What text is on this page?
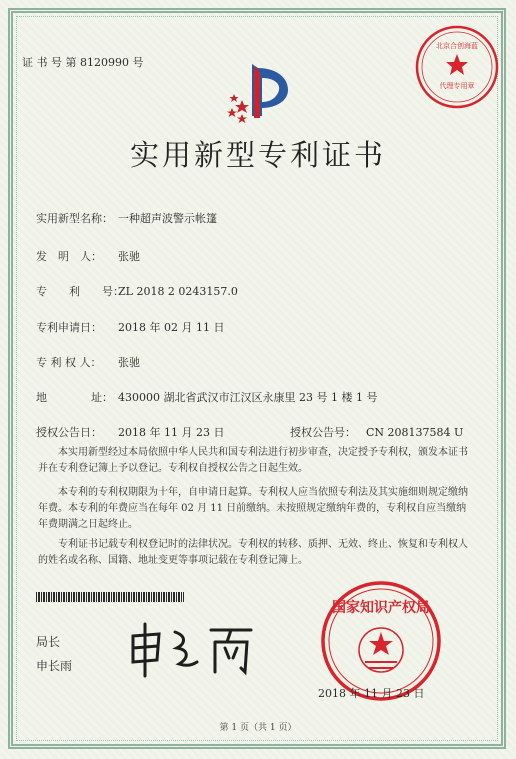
证 书 号 第 8120990 号
北京合创海蓝
代理专用章
实用新型专利证书
实用新型名称： 一种超声波警示帐篷
发　明　人： 张驰
专　　利　　号：
ZL 2018 2 0243157.0
专利申请日： 2018 年 02 月 11 日
专 利 权 人： 张驰
地　　　　址： 430000 湖北省武汉市江汉区永康里 23 号 1 楼 1 号
授权公告日： 2018 年 11 月 23 日	授权公告号： CN 208137584 U
本实用新型经过本局依照中华人民共和国专利法进行初步审查，决定授予专利权，颁发本证书并在专利登记簿上予以登记。专利权自授权公告之日起生效。
本专利的专利权期限为十年，自申请日起算。专利权人应当依照专利法及其实施细则规定缴纳年费。本专利的年费应当在每年 02 月 11 日前缴纳。未按照规定缴纳年费的，专利权自应当缴纳年费期满之日起终止。
专利证书记载专利权登记时的法律状况。专利权的转移、质押、无效、终止、恢复和专利权人的姓名或名称、国籍、地址变更等事项记载在专利登记簿上。
局长
申长雨
国家知识产权局
2018 年 11 月 23 日
第 1 页（共 1 页）
